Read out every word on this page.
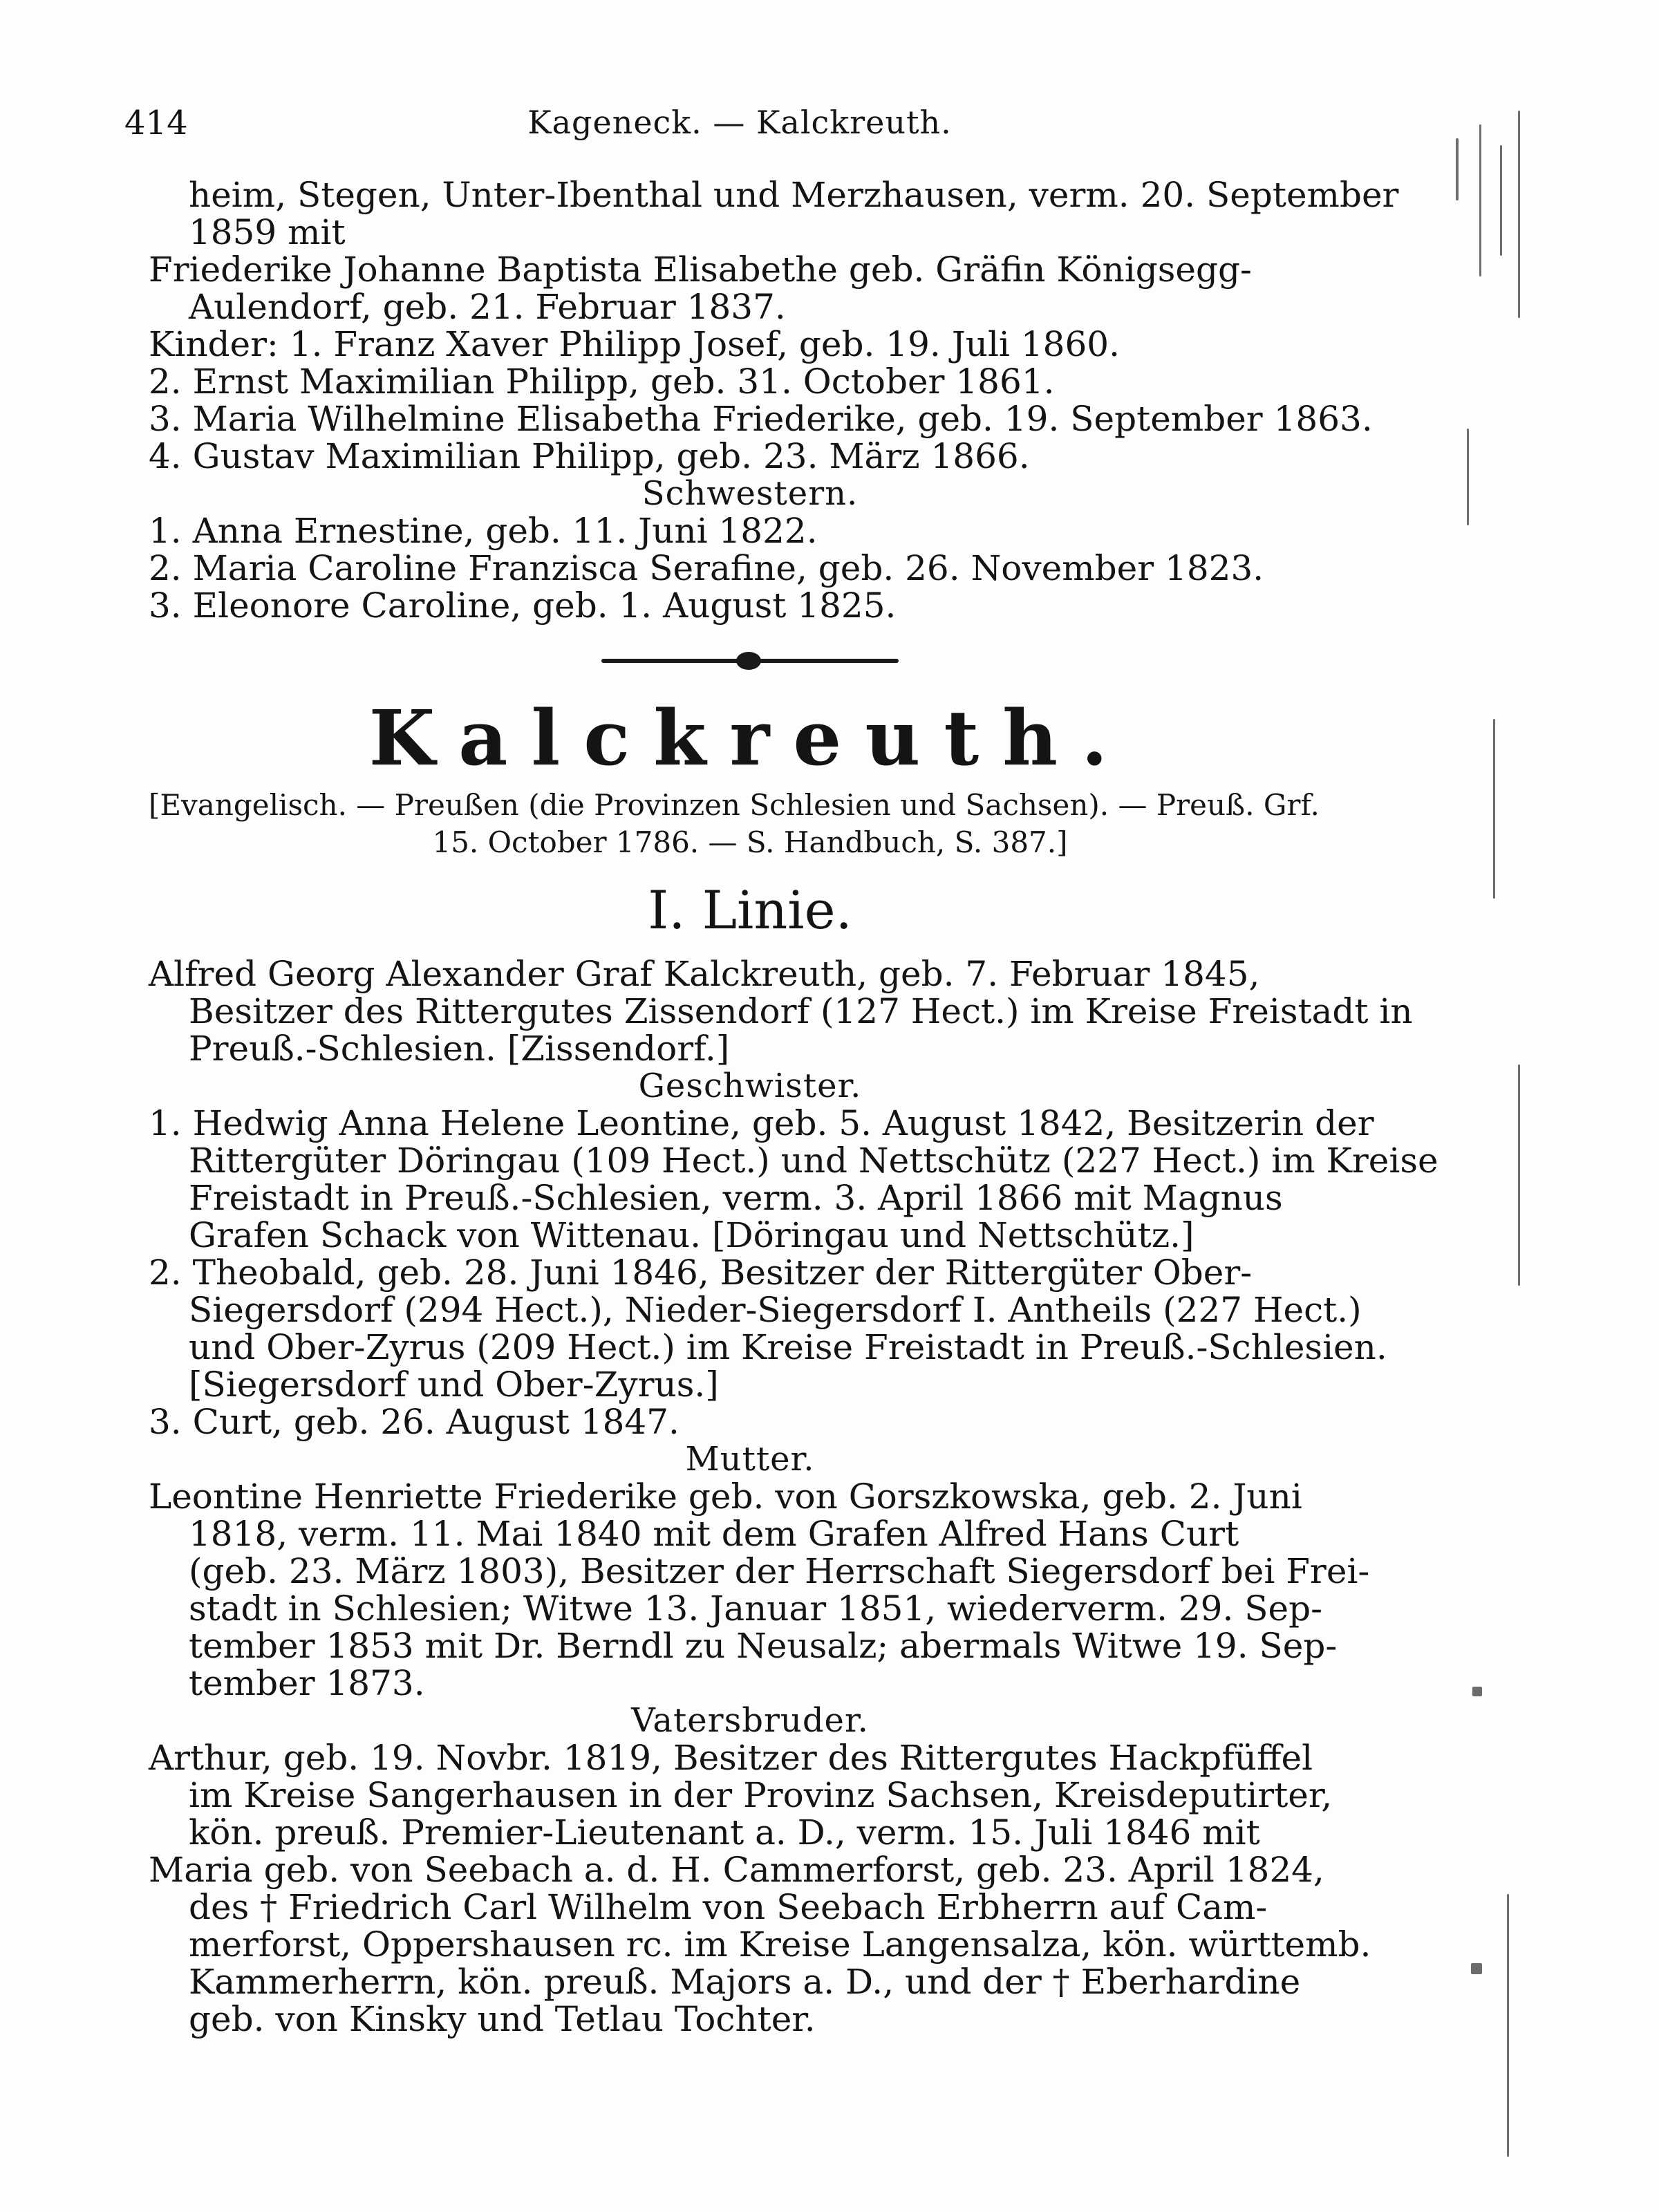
414	Kageneck. — Kalckreuth.
heim, Stegen, Unter-Ibenthal und Merzhausen, verm. 20. September
1859 mit
Friederike Johanne Baptista Elisabethe geb. Gräfin Königsegg-
Aulendorf, geb. 21. Februar 1837.
Kinder: 1. Franz Xaver Philipp Josef, geb. 19. Juli 1860.
2. Ernst Maximilian Philipp, geb. 31. October 1861.
3. Maria Wilhelmine Elisabetha Friederike, geb. 19. September 1863.
4. Gustav Maximilian Philipp, geb. 23. März 1866.
Schwestern.
1. Anna Ernestine, geb. 11. Juni 1822.
2. Maria Caroline Franzisca Serafine, geb. 26. November 1823.
3. Eleonore Caroline, geb. 1. August 1825.
Kalckreuth.
[Evangelisch. — Preußen (die Provinzen Schlesien und Sachsen). — Preuß. Grf.
15. October 1786. — S. Handbuch, S. 387.]
I. Linie.
Alfred Georg Alexander Graf Kalckreuth, geb. 7. Februar 1845,
Besitzer des Rittergutes Zissendorf (127 Hect.) im Kreise Freistadt in
Preuß.-Schlesien. [Zissendorf.]
Geschwister.
1. Hedwig Anna Helene Leontine, geb. 5. August 1842, Besitzerin der
Rittergüter Döringau (109 Hect.) und Nettschütz (227 Hect.) im Kreise
Freistadt in Preuß.-Schlesien, verm. 3. April 1866 mit Magnus
Grafen Schack von Wittenau. [Döringau und Nettschütz.]
2. Theobald, geb. 28. Juni 1846, Besitzer der Rittergüter Ober-
Siegersdorf (294 Hect.), Nieder-Siegersdorf I. Antheils (227 Hect.)
und Ober-Zyrus (209 Hect.) im Kreise Freistadt in Preuß.-Schlesien.
[Siegersdorf und Ober-Zyrus.]
3. Curt, geb. 26. August 1847.
Mutter.
Leontine Henriette Friederike geb. von Gorszkowska, geb. 2. Juni
1818, verm. 11. Mai 1840 mit dem Grafen Alfred Hans Curt
(geb. 23. März 1803), Besitzer der Herrschaft Siegersdorf bei Frei-
stadt in Schlesien; Witwe 13. Januar 1851, wiederverm. 29. Sep-
tember 1853 mit Dr. Berndl zu Neusalz; abermals Witwe 19. Sep-
tember 1873.
Vatersbruder.
Arthur, geb. 19. Novbr. 1819, Besitzer des Rittergutes Hackpfüffel
im Kreise Sangerhausen in der Provinz Sachsen, Kreisdeputirter,
kön. preuß. Premier-Lieutenant a. D., verm. 15. Juli 1846 mit
Maria geb. von Seebach a. d. H. Cammerforst, geb. 23. April 1824,
des † Friedrich Carl Wilhelm von Seebach Erbherrn auf Cam-
merforst, Oppershausen rc. im Kreise Langensalza, kön. württemb.
Kammerherrn, kön. preuß. Majors a. D., und der † Eberhardine
geb. von Kinsky und Tetlau Tochter.
